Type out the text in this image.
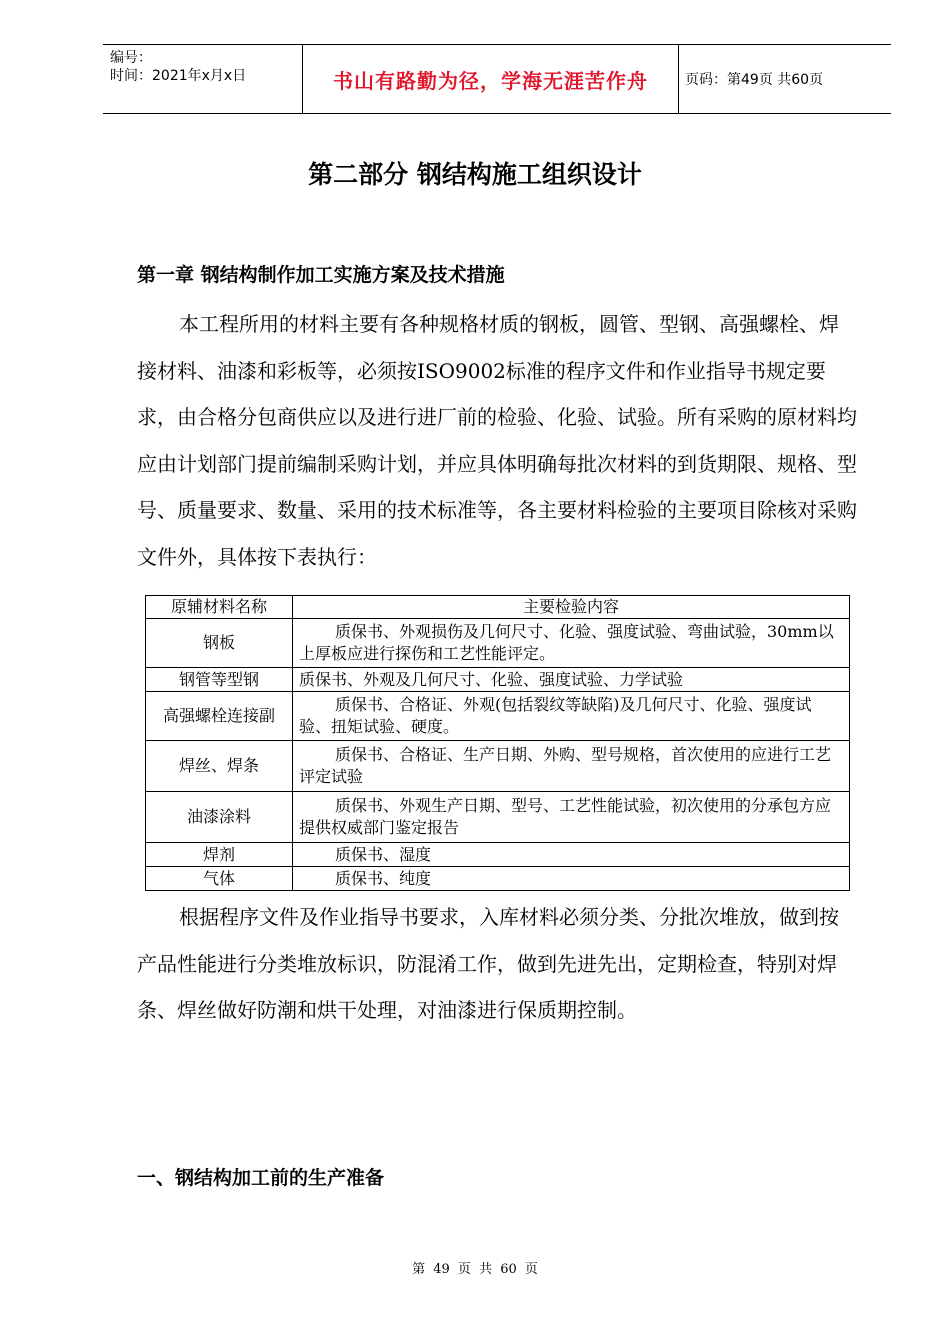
编号：
时间：2021年x月x日	书山有路勤为径，学海无涯苦作舟	页码：第49页 共60页
第二部分 钢结构施工组织设计
第一章 钢结构制作加工实施方案及技术措施

本工程所用的材料主要有各种规格材质的钢板，圆管、型钢、高强螺栓、焊接材料、油漆和彩板等，必须按ISO9002标准的程序文件和作业指导书规定要求，由合格分包商供应以及进行进厂前的检验、化验、试验。所有采购的原材料均应由计划部门提前编制采购计划，并应具体明确每批次材料的到货期限、规格、型号、质量要求、数量、采用的技术标准等，各主要材料检验的主要项目除核对采购文件外，具体按下表执行：

原辅材料名称	主要检验内容
钢板	质保书、外观损伤及几何尺寸、化验、强度试验、弯曲试验，30mm以上厚板应进行探伤和工艺性能评定。
钢管等型钢	质保书、外观及几何尺寸、化验、强度试验、力学试验
高强螺栓连接副	质保书、合格证、外观(包括裂纹等缺陷)及几何尺寸、化验、强度试验、扭矩试验、硬度。
焊丝、焊条	质保书、合格证、生产日期、外购、型号规格，首次使用的应进行工艺评定试验
油漆涂料	质保书、外观生产日期、型号、工艺性能试验，初次使用的分承包方应提供权威部门鉴定报告
焊剂	质保书、湿度
气体	质保书、纯度

根据程序文件及作业指导书要求，入库材料必须分类、分批次堆放，做到按产品性能进行分类堆放标识，防混淆工作，做到先进先出，定期检查，特别对焊条、焊丝做好防潮和烘干处理，对油漆进行保质期控制。

一、钢结构加工前的生产准备
第 49 页 共 60 页
